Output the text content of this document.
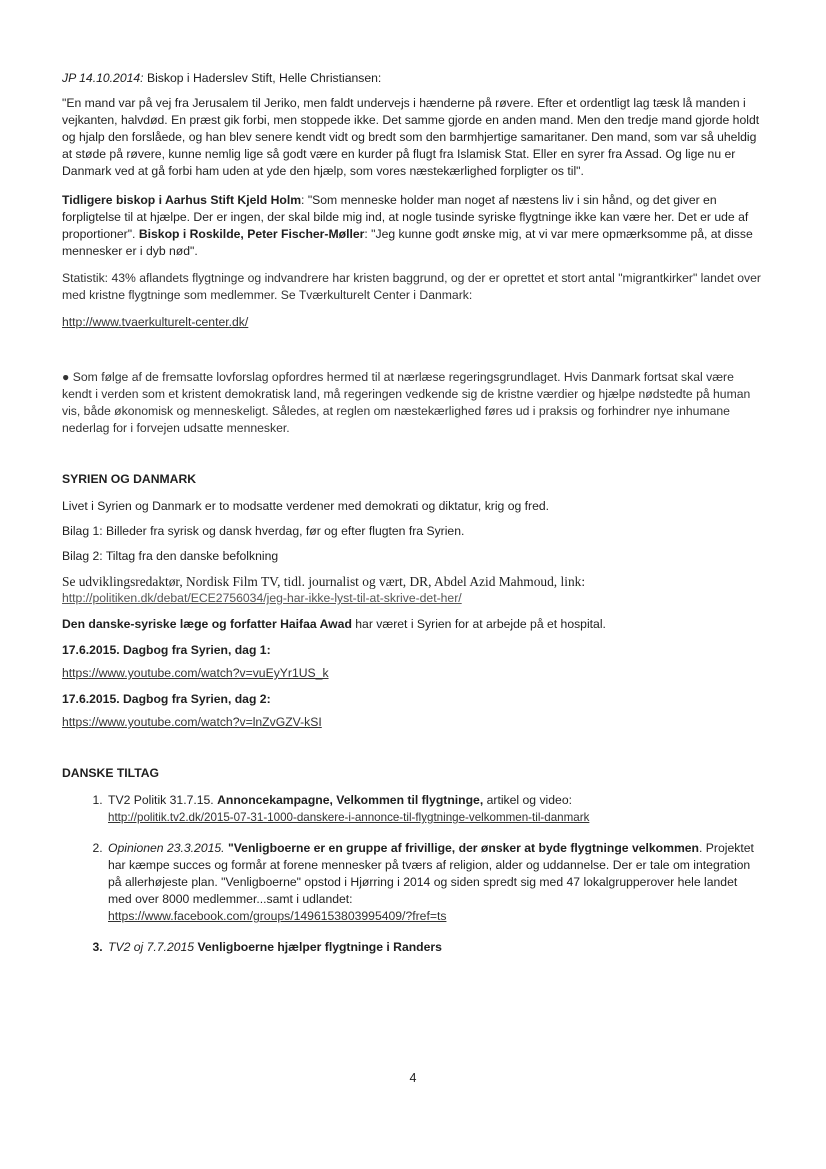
JP 14.10.2014: Biskop i Haderslev Stift, Helle Christiansen:

"En mand var på vej fra Jerusalem til Jeriko, men faldt undervejs i hænderne på røvere. Efter et ordentligt lag tæsk lå manden i vejkanten, halvdød. En præst gik forbi, men stoppede ikke. Det samme gjorde en anden mand. Men den tredje mand gjorde holdt og hjalp den forslåede, og han blev senere kendt vidt og bredt som den barmhjertige samaritaner. Den mand, som var så uheldig at støde på røvere, kunne nemlig lige så godt være en kurder på flugt fra Islamisk Stat. Eller en syrer fra Assad. Og lige nu er Danmark ved at gå forbi ham uden at yde den hjælp, som vores næstekærlighed forpligter os til".

Tidligere biskop i Aarhus Stift Kjeld Holm: "Som menneske holder man noget af næstens liv i sin hånd, og det giver en forpligtelse til at hjælpe. Der er ingen, der skal bilde mig ind, at nogle tusinde syriske flygtninge ikke kan være her. Det er ude af proportioner". Biskop i Roskilde, Peter Fischer-Møller: "Jeg kunne godt ønske mig, at vi var mere opmærksomme på, at disse mennesker er i dyb nød".

Statistik: 43% aflandets flygtninge og indvandrere har kristen baggrund, og der er oprettet et stort antal "migrantkirker" landet over med kristne flygtninge som medlemmer. Se Tværkulturelt Center i Danmark:

http://www.tvaerkulturelt-center.dk/

● Som følge af de fremsatte lovforslag opfordres hermed til at nærlæse regeringsgrundlaget. Hvis Danmark fortsat skal være kendt i verden som et kristent demokratisk land, må regeringen vedkende sig de kristne værdier og hjælpe nødstedte på human vis, både økonomisk og menneskeligt. Således, at reglen om næstekærlighed føres ud i praksis og forhindrer nye inhumane nederlag for i forvejen udsatte mennesker.

SYRIEN OG DANMARK

Livet i Syrien og Danmark er to modsatte verdener med demokrati og diktatur, krig og fred.

Bilag 1: Billeder fra syrisk og dansk hverdag, før og efter flugten fra Syrien.

Bilag 2: Tiltag fra den danske befolkning

Se udviklingsredaktør, Nordisk Film TV, tidl. journalist og vært, DR, Abdel Azid Mahmoud, link:

http://politiken.dk/debat/ECE2756034/jeg-har-ikke-lyst-til-at-skrive-det-her/

Den danske-syriske læge og forfatter Haifaa Awad har været i Syrien for at arbejde på et hospital.

17.6.2015. Dagbog fra Syrien, dag 1:

https://www.youtube.com/watch?v=vuEyYr1US_k

17.6.2015. Dagbog fra Syrien, dag 2:

https://www.youtube.com/watch?v=lnZvGZV-kSI

DANSKE TILTAG

1. TV2 Politik 31.7.15. Annoncekampagne, Velkommen til flygtninge, artikel og video:
http://politik.tv2.dk/2015-07-31-1000-danskere-i-annonce-til-flygtninge-velkommen-til-danmark
2. Opinionen 23.3.2015. "Venligboerne er en gruppe af frivillige, der ønsker at byde flygtninge velkommen. Projektet har kæmpe succes og formår at forene mennesker på tværs af religion, alder og uddannelse. Der er tale om integration på allerhøjeste plan. "Venligboerne" opstod i Hjørring i 2014 og siden spredt sig med 47 lokalgrupperover hele landet med over 8000 medlemmer...samt i udlandet:
https://www.facebook.com/groups/1496153803995409/?fref=ts
3. TV2 oj 7.7.2015 Venligboerne hjælper flygtninge i Randers
4
